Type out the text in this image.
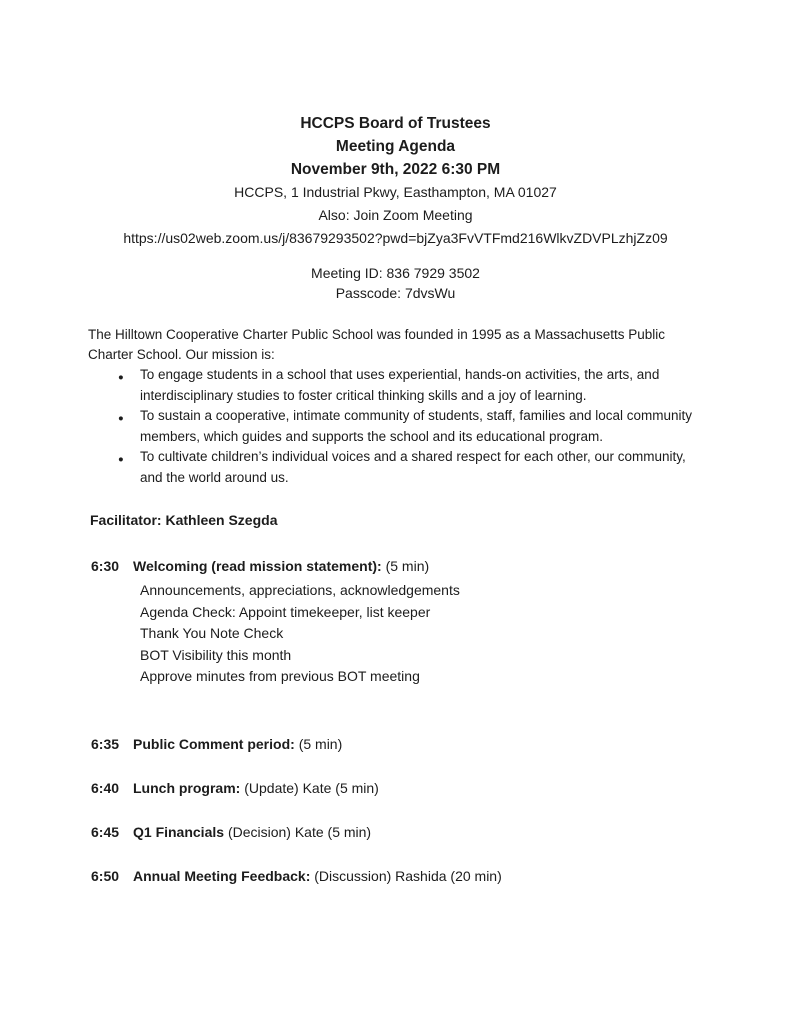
HCCPS Board of Trustees
Meeting Agenda
November 9th, 2022 6:30 PM
HCCPS, 1 Industrial Pkwy, Easthampton, MA 01027
Also: Join Zoom Meeting
https://us02web.zoom.us/j/83679293502?pwd=bjZya3FvVTFmd216WlkvZDVPLzhjZz09
Meeting ID: 836 7929 3502
Passcode: 7dvsWu
The Hilltown Cooperative Charter Public School was founded in 1995 as a Massachusetts Public Charter School. Our mission is:
● To engage students in a school that uses experiential, hands-on activities, the arts, and interdisciplinary studies to foster critical thinking skills and a joy of learning.
● To sustain a cooperative, intimate community of students, staff, families and local community members, which guides and supports the school and its educational program.
● To cultivate children’s individual voices and a shared respect for each other, our community, and the world around us.
Facilitator: Kathleen Szegda
6:30 Welcoming (read mission statement): (5 min)
Announcements, appreciations, acknowledgements
Agenda Check: Appoint timekeeper, list keeper
Thank You Note Check
BOT Visibility this month
Approve minutes from previous BOT meeting
6:35 Public Comment period: (5 min)
6:40 Lunch program: (Update) Kate (5 min)
6:45 Q1 Financials (Decision) Kate (5 min)
6:50 Annual Meeting Feedback: (Discussion) Rashida (20 min)
